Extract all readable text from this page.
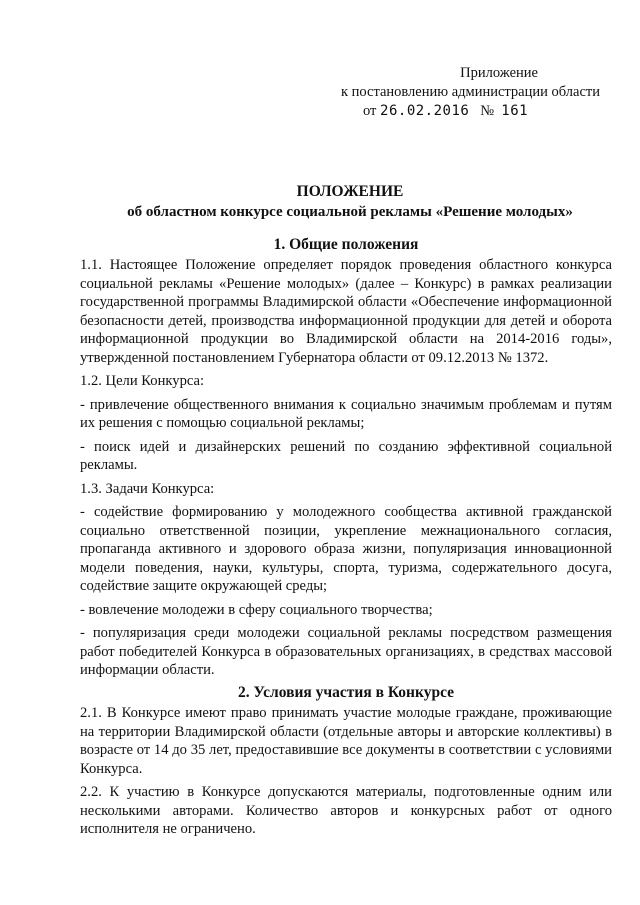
Приложение
к постановлению администрации области
от 26.02.2016 № 161
ПОЛОЖЕНИЕ
об областном конкурсе социальной рекламы «Решение молодых»
1. Общие положения

1.1. Настоящее Положение определяет порядок проведения областного конкурса социальной рекламы «Решение молодых» (далее – Конкурс) в рамках реализации государственной программы Владимирской области «Обеспечение информационной безопасности детей, производства информационной продукции для детей и оборота информационной продукции во Владимирской области на 2014-2016 годы», утвержденной постановлением Губернатора области от 09.12.2013 № 1372.

1.2. Цели Конкурса:

- привлечение общественного внимания к социально значимым проблемам и путям их решения с помощью социальной рекламы;

- поиск идей и дизайнерских решений по созданию эффективной социальной рекламы.

1.3. Задачи Конкурса:

- содействие формированию у молодежного сообщества активной гражданской социально ответственной позиции, укрепление межнационального согласия, пропаганда активного и здорового образа жизни, популяризация инновационной модели поведения, науки, культуры, спорта, туризма, содержательного досуга, содействие защите окружающей среды;

- вовлечение молодежи в сферу социального творчества;

- популяризация среди молодежи социальной рекламы посредством размещения работ победителей Конкурса в образовательных организациях, в средствах массовой информации области.

2. Условия участия в Конкурсе

2.1. В Конкурсе имеют право принимать участие молодые граждане, проживающие на территории Владимирской области (отдельные авторы и авторские коллективы) в возрасте от 14 до 35 лет, предоставившие все документы в соответствии с условиями Конкурса.

2.2. К участию в Конкурсе допускаются материалы, подготовленные одним или несколькими авторами. Количество авторов и конкурсных работ от одного исполнителя не ограничено.
